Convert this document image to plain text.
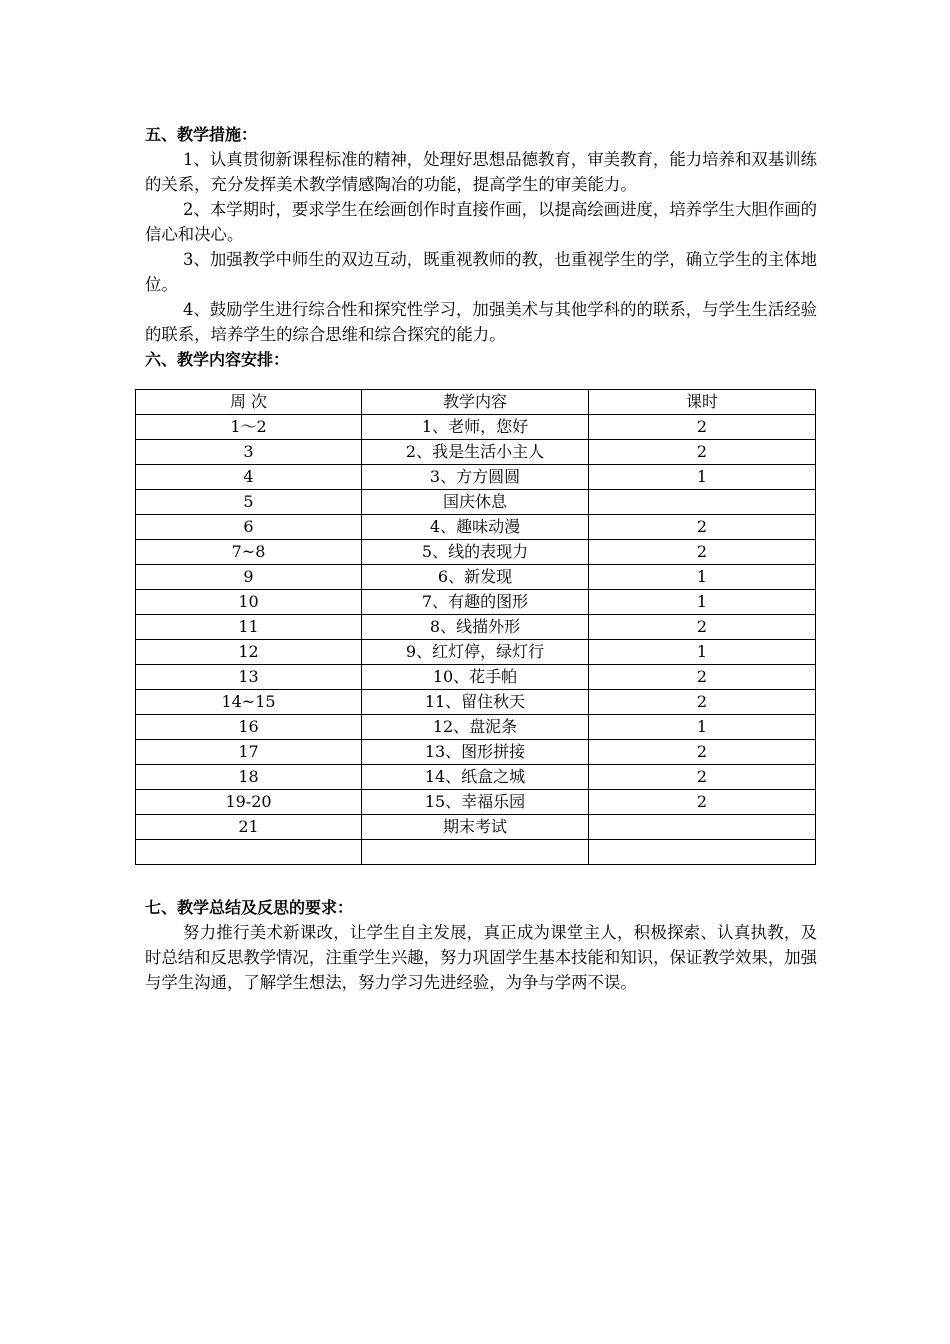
五、教学措施：

1、认真贯彻新课程标准的精神，处理好思想品德教育，审美教育，能力培养和双基训练的关系，充分发挥美术教学情感陶冶的功能，提高学生的审美能力。

2、本学期时，要求学生在绘画创作时直接作画，以提高绘画进度，培养学生大胆作画的信心和决心。

3、加强教学中师生的双边互动，既重视教师的教，也重视学生的学，确立学生的主体地位。

4、鼓励学生进行综合性和探究性学习，加强美术与其他学科的的联系，与学生生活经验的联系，培养学生的综合思维和综合探究的能力。

六、教学内容安排：
周 次	教学内容	课时
1～2	1、老师，您好	2
3	2、我是生活小主人	2
4	3、方方圆圆	1
5	国庆休息	
6	4、趣味动漫	2
7~8	5、线的表现力	2
9	6、新发现	1
10	7、有趣的图形	1
11	8、线描外形	2
12	9、红灯停，绿灯行	1
13	10、花手帕	2
14~15	11、留住秋天	2
16	12、盘泥条	1
17	13、图形拼接	2
18	14、纸盒之城	2
19-20	15、幸福乐园	2
21	期末考试	

七、教学总结及反思的要求：

努力推行美术新课改，让学生自主发展，真正成为课堂主人，积极探索、认真执教，及时总结和反思教学情况，注重学生兴趣，努力巩固学生基本技能和知识，保证教学效果，加强与学生沟通，了解学生想法，努力学习先进经验，为争与学两不误。
